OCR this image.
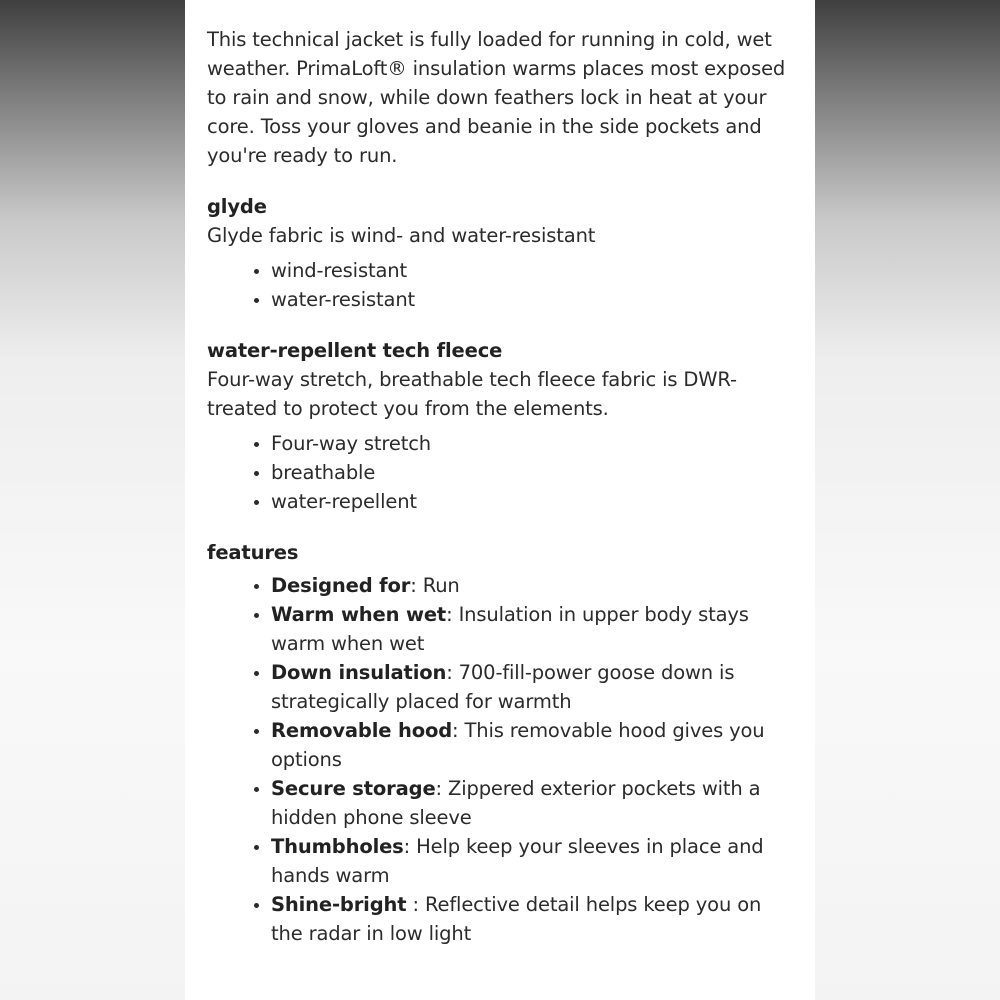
This technical jacket is fully loaded for running in cold, wet weather. PrimaLoft® insulation warms places most exposed to rain and snow, while down feathers lock in heat at your core. Toss your gloves and beanie in the side pockets and you're ready to run.

glyde

Glyde fabric is wind- and water-resistant

• wind-resistant
• water-resistant
water-repellent tech fleece

Four-way stretch, breathable tech fleece fabric is DWR-treated to protect you from the elements.

• Four-way stretch
• breathable
• water-repellent
features
• Designed for: Run
• Warm when wet: Insulation in upper body stays warm when wet
• Down insulation: 700-fill-power goose down is strategically placed for warmth
• Removable hood: This removable hood gives you options
• Secure storage: Zippered exterior pockets with a hidden phone sleeve
• Thumbholes: Help keep your sleeves in place and hands warm
• Shine-bright : Reflective detail helps keep you on the radar in low light
